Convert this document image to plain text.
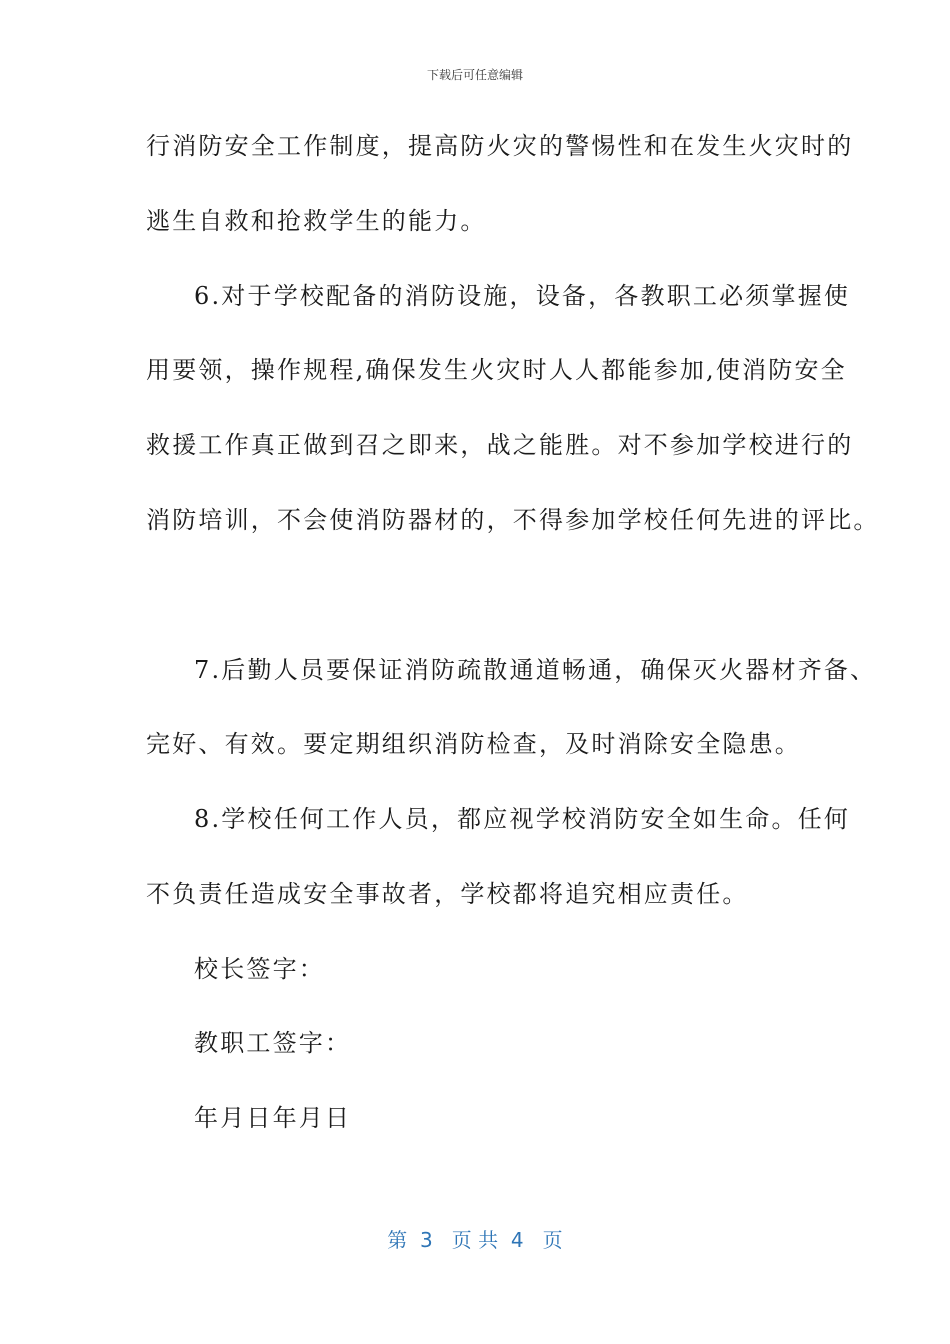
下载后可任意编辑
行消防安全工作制度，提高防火灾的警惕性和在发生火灾时的
逃生自救和抢救学生的能力。
6.对于学校配备的消防设施，设备，各教职工必须掌握使
用要领，操作规程,确保发生火灾时人人都能参加,使消防安全
救援工作真正做到召之即来，战之能胜。对不参加学校进行的
消防培训，不会使消防器材的，不得参加学校任何先进的评比。
7.后勤人员要保证消防疏散通道畅通，确保灭火器材齐备、
完好、有效。要定期组织消防检查，及时消除安全隐患。
8.学校任何工作人员，都应视学校消防安全如生命。任何
不负责任造成安全事故者，学校都将追究相应责任。
校长签字：
教职工签字：
年月日年月日
第  3   页 共  4   页
